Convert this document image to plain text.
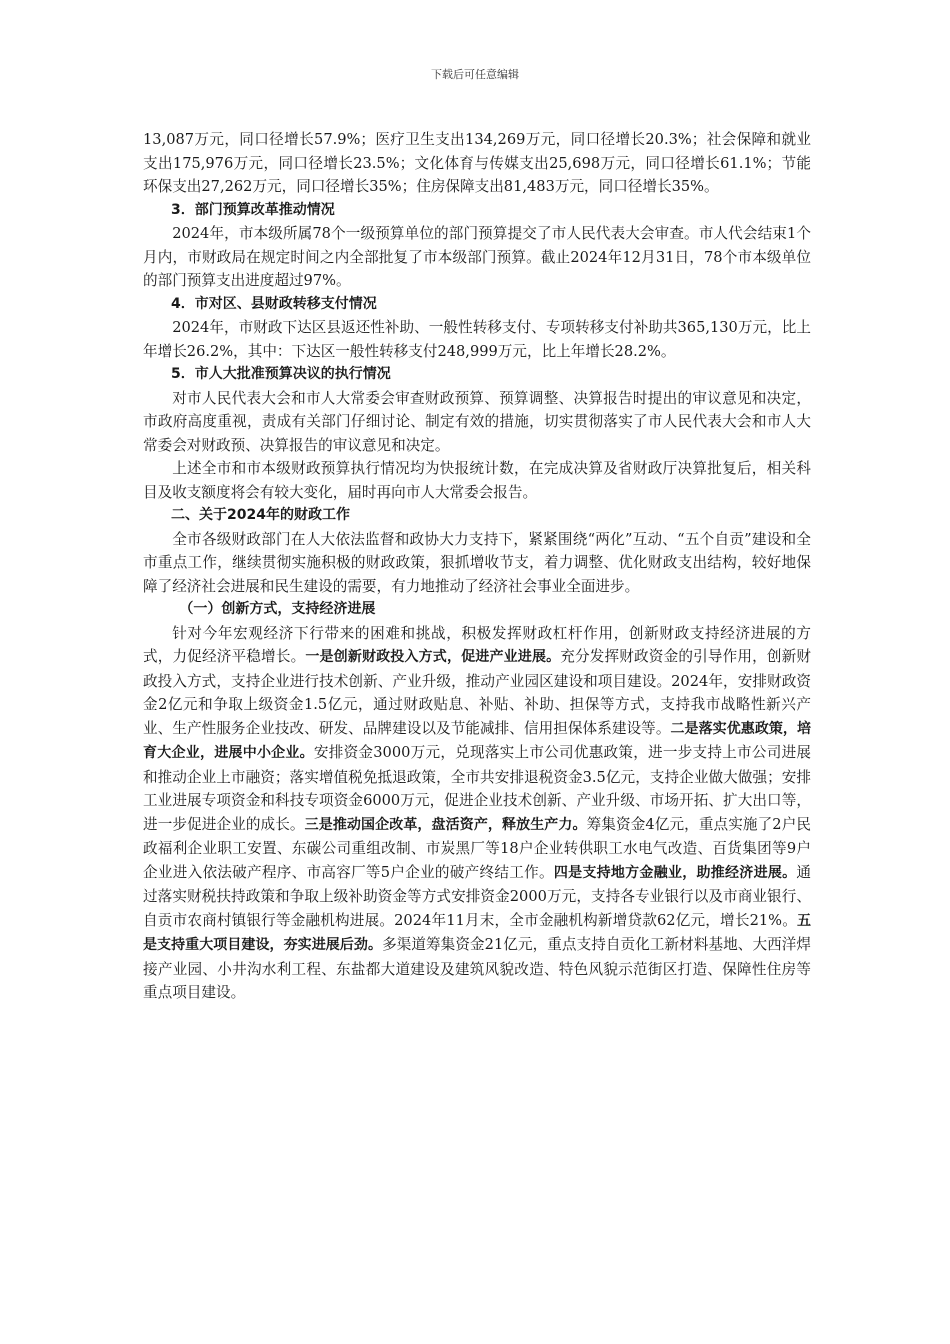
下载后可任意编辑

13,087万元，同口径增长57.9%；医疗卫生支出134,269万元，同口径增长20.3%；社会保障和就业支出175,976万元，同口径增长23.5%；文化体育与传媒支出25,698万元，同口径增长61.1%；节能环保支出27,262万元，同口径增长35%；住房保障支出81,483万元，同口径增长35%。

3．部门预算改革推动情况

2024年，市本级所属78个一级预算单位的部门预算提交了市人民代表大会审查。市人代会结束1个月内，市财政局在规定时间之内全部批复了市本级部门预算。截止2024年12月31日，78个市本级单位的部门预算支出进度超过97%。

4．市对区、县财政转移支付情况

2024年，市财政下达区县返还性补助、一般性转移支付、专项转移支付补助共365,130万元，比上年增长26.2%，其中：下达区一般性转移支付248,999万元，比上年增长28.2%。

5．市人大批准预算决议的执行情况

对市人民代表大会和市人大常委会审查财政预算、预算调整、决算报告时提出的审议意见和决定，市政府高度重视，责成有关部门仔细讨论、制定有效的措施，切实贯彻落实了市人民代表大会和市人大常委会对财政预、决算报告的审议意见和决定。

上述全市和市本级财政预算执行情况均为快报统计数，在完成决算及省财政厅决算批复后，相关科目及收支额度将会有较大变化，届时再向市人大常委会报告。

二、关于2024年的财政工作

全市各级财政部门在人大依法监督和政协大力支持下，紧紧围绕“两化”互动、“五个自贡”建设和全市重点工作，继续贯彻实施积极的财政政策，狠抓增收节支，着力调整、优化财政支出结构，较好地保障了经济社会进展和民生建设的需要，有力地推动了经济社会事业全面进步。

（一）创新方式，支持经济进展

针对今年宏观经济下行带来的困难和挑战，积极发挥财政杠杆作用，创新财政支持经济进展的方式，力促经济平稳增长。一是创新财政投入方式，促进产业进展。充分发挥财政资金的引导作用，创新财政投入方式，支持企业进行技术创新、产业升级，推动产业园区建设和项目建设。2024年，安排财政资金2亿元和争取上级资金1.5亿元，通过财政贴息、补贴、补助、担保等方式，支持我市战略性新兴产业、生产性服务企业技改、研发、品牌建设以及节能减排、信用担保体系建设等。二是落实优惠政策，培育大企业，进展中小企业。安排资金3000万元，兑现落实上市公司优惠政策，进一步支持上市公司进展和推动企业上市融资；落实增值税免抵退政策，全市共安排退税资金3.5亿元，支持企业做大做强；安排工业进展专项资金和科技专项资金6000万元，促进企业技术创新、产业升级、市场开拓、扩大出口等，进一步促进企业的成长。三是推动国企改革，盘活资产，释放生产力。筹集资金4亿元，重点实施了2户民政福利企业职工安置、东碳公司重组改制、市炭黑厂等18户企业转供职工水电气改造、百货集团等9户企业进入依法破产程序、市高容厂等5户企业的破产终结工作。四是支持地方金融业，助推经济进展。通过落实财税扶持政策和争取上级补助资金等方式安排资金2000万元，支持各专业银行以及市商业银行、自贡市农商村镇银行等金融机构进展。2024年11月末，全市金融机构新增贷款62亿元，增长21%。五是支持重大项目建设，夯实进展后劲。多渠道筹集资金21亿元，重点支持自贡化工新材料基地、大西洋焊接产业园、小井沟水利工程、东盐都大道建设及建筑风貌改造、特色风貌示范街区打造、保障性住房等重点项目建设。
